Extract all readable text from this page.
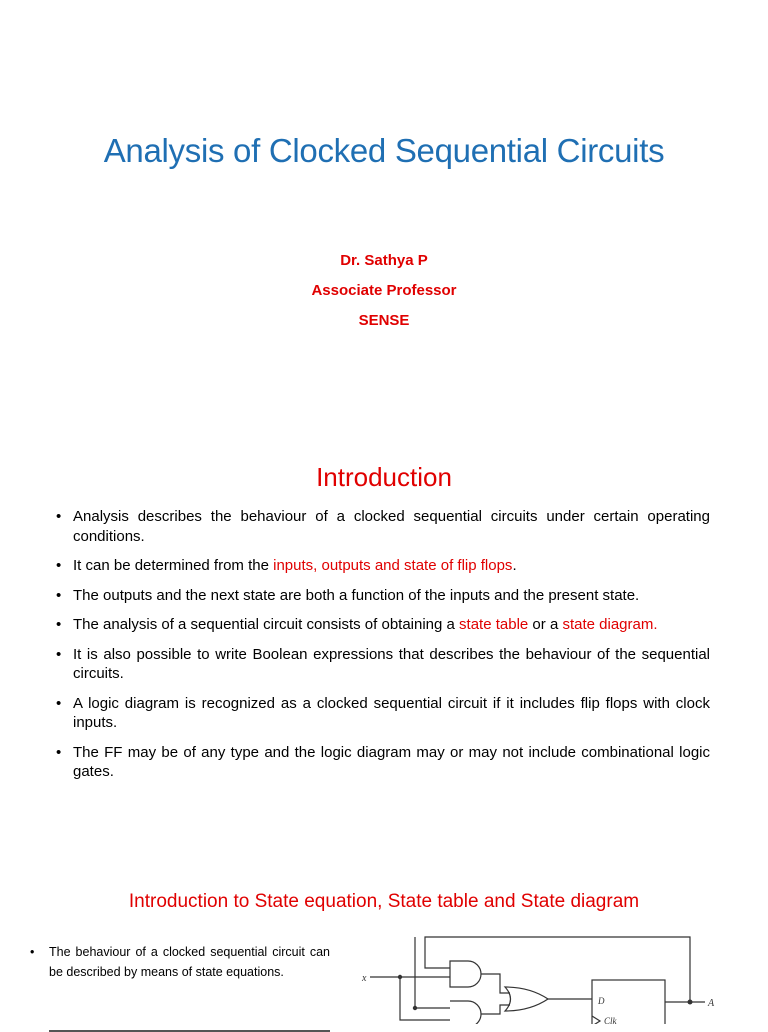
Analysis of Clocked Sequential Circuits
Dr. Sathya P
Associate Professor
SENSE
Introduction
• Analysis describes the behaviour of a clocked sequential circuits under certain operating conditions.
• It can be determined from the inputs, outputs and state of flip flops.
• The outputs and the next state are both a function of the inputs and the present state.
• The analysis of a sequential circuit consists of obtaining a state table or a state diagram.
• It is also possible to write Boolean expressions that describes the behaviour of the sequential circuits.
• A logic diagram is recognized as a clocked sequential circuit if it includes flip flops with clock inputs.
• The FF may be of any type and the logic diagram may or may not include combinational logic gates.
Introduction to State equation, State table and State diagram
•	The behaviour of a clocked sequential circuit can be described by means of state equations.	x
D
Clk
A
